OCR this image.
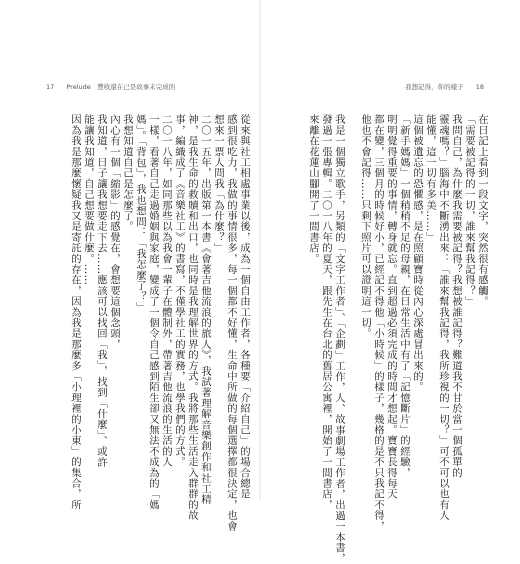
17 Prelude　豐收還在已是故事未完成的	我想記得，你的樣子 18
在日記上看到一段文字，突然很有感觸。
「需要被記得的一切，誰來幫我記得？」
我問自己，為什麼我需要被記得？我想被誰記得？難道我不甘於當一個孤單的
靈魂嗎？」腦海中不斷湧出來：「誰來幫我記得，我所珍視的一切？」可不可以也有人
能懂，這一切有多美……」
這個被遺忘的恐懼感，是在照顧寶時從內心深處冒出來的。
「新手媽媽」一個稍稍不足的母親，在日常生活中有了「記憶斷片」的經驗，
明明覺得重要的事情，轉身就忘。直到超過必須完成的時間才想起。寶寶長得每天
都在變，三個月的時候好小，已經記不得他「小時候」的樣子，幾格的是不只我記不得，
他也不會記得……只剩下照片可以證明這一切。
我是一個獨立歌手，另類的「文字工作者」、「企劃」工作，人、故事劇場工作者，出過一本書，
發過一張專輯。二〇一八年的夏天，跟先生在台北的舊居公寓裡，開始了一間書店，
來離在花蓮山腳開了一間書店。
從來與社工相處事業以後，成為一個自由工作者，各種要「介紹自己」的場合總是
感到很吃力，我做的事情很多，每一個都不好懂，生命中所做的每個選擇都很決定，也會
想來一票人問我「為什麼？」
二〇一五年，出版第一本書《會著吉他流浪的旅人》，我試著理解音樂創作和社工精
神，是我生命的救贖和出口，也同時是我理解世界的方式。我將那些生活走入群群的故
事，編織成了《音樂社工》的書寫，不僅學社工的實務，也學我們的方式。
二〇一八年，如同那些以為我會一輩子在體制外，帶著吉他流浪的生活的人
一樣，看著自己走過婚姻與家庭，變成了一個令自己感到陌生卻又無法不成為的「媽
媽」。「背包」，我也想問：「我怎麼了？」
我想知道自己是怎麼了。
內心有一個「縮影」的感覺在，會想要這個念頭，
我知道，日子讓我想要走下去……應該可以找回「我」，找到「什麼」、或許
能讓我知道，自己想要做什麼。……
因為我是那麼懷疑我又是寄託的存在，因為我是那麼多「小理裡的小東」的集合，所
